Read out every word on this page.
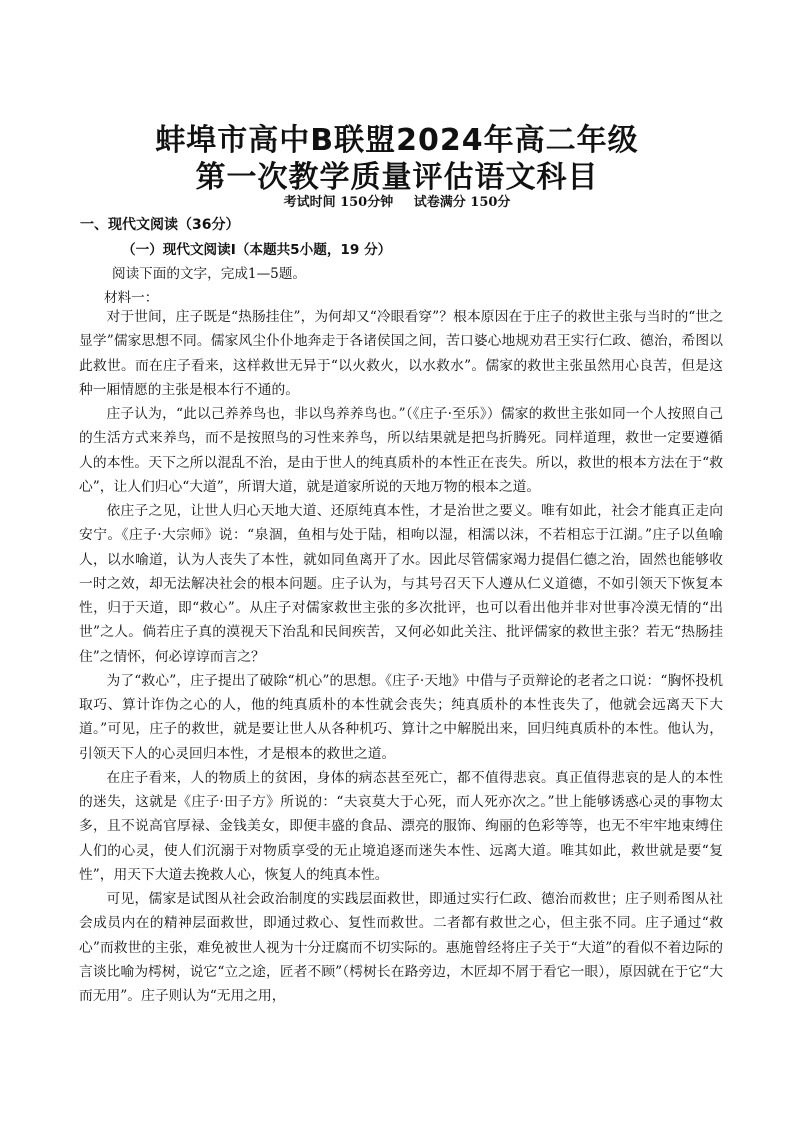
蚌埠市高中B联盟2024年高二年级
第一次教学质量评估语文科目
考试时间 150分钟 试卷满分 150分
一、现代文阅读（36分）
（一）现代文阅读Ⅰ（本题共5小题，19 分）
阅读下面的文字，完成1—5题。
材料一：

对于世间，庄子既是“热肠挂住”，为何却又“冷眼看穿”？根本原因在于庄子的救世主张与当时的“世之显学”儒家思想不同。儒家风尘仆仆地奔走于各诸侯国之间，苦口婆心地规劝君王实行仁政、德治，希图以此救世。而在庄子看来，这样救世无异于“以火救火，以水救水”。儒家的救世主张虽然用心良苦，但是这种一厢情愿的主张是根本行不通的。

庄子认为，“此以己养养鸟也，非以鸟养养鸟也。”（《庄子·至乐》）儒家的救世主张如同一个人按照自己的生活方式来养鸟，而不是按照鸟的习性来养鸟，所以结果就是把鸟折腾死。同样道理，救世一定要遵循人的本性。天下之所以混乱不治，是由于世人的纯真质朴的本性正在丧失。所以，救世的根本方法在于“救心”，让人们归心“大道”，所谓大道，就是道家所说的天地万物的根本之道。

依庄子之见，让世人归心天地大道、还原纯真本性，才是治世之要义。唯有如此，社会才能真正走向安宁。《庄子·大宗师》说：“泉涸，鱼相与处于陆，相呴以湿，相濡以沫，不若相忘于江湖。”庄子以鱼喻人，以水喻道，认为人丧失了本性，就如同鱼离开了水。因此尽管儒家竭力提倡仁德之治，固然也能够收一时之效，却无法解决社会的根本问题。庄子认为，与其号召天下人遵从仁义道德，不如引领天下恢复本性，归于天道，即“救心”。从庄子对儒家救世主张的多次批评，也可以看出他并非对世事冷漠无情的“出世”之人。倘若庄子真的漠视天下治乱和民间疾苦，又何必如此关注、批评儒家的救世主张？若无“热肠挂住”之情怀，何必谆谆而言之？

为了“救心”，庄子提出了破除“机心”的思想。《庄子·天地》中借与子贡辩论的老者之口说：“胸怀投机取巧、算计诈伪之心的人，他的纯真质朴的本性就会丧失；纯真质朴的本性丧失了，他就会远离天下大道。”可见，庄子的救世，就是要让世人从各种机巧、算计之中解脱出来，回归纯真质朴的本性。他认为，引领天下人的心灵回归本性，才是根本的救世之道。

在庄子看来，人的物质上的贫困，身体的病态甚至死亡，都不值得悲哀。真正值得悲哀的是人的本性的迷失，这就是《庄子·田子方》所说的：“夫哀莫大于心死，而人死亦次之。”世上能够诱惑心灵的事物太多，且不说高官厚禄、金钱美女，即便丰盛的食品、漂亮的服饰、绚丽的色彩等等，也无不牢牢地束缚住人们的心灵，使人们沉溺于对物质享受的无止境追逐而迷失本性、远离大道。唯其如此，救世就是要“复性”，用天下大道去挽救人心，恢复人的纯真本性。

可见，儒家是试图从社会政治制度的实践层面救世，即通过实行仁政、德治而救世；庄子则希图从社会成员内在的精神层面救世，即通过救心、复性而救世。二者都有救世之心，但主张不同。庄子通过“救心”而救世的主张，难免被世人视为十分迂腐而不切实际的。惠施曾经将庄子关于“大道”的看似不着边际的言谈比喻为樗树，说它“立之途，匠者不顾”（樗树长在路旁边，木匠却不屑于看它一眼），原因就在于它“大而无用”。庄子则认为“无用之用，
